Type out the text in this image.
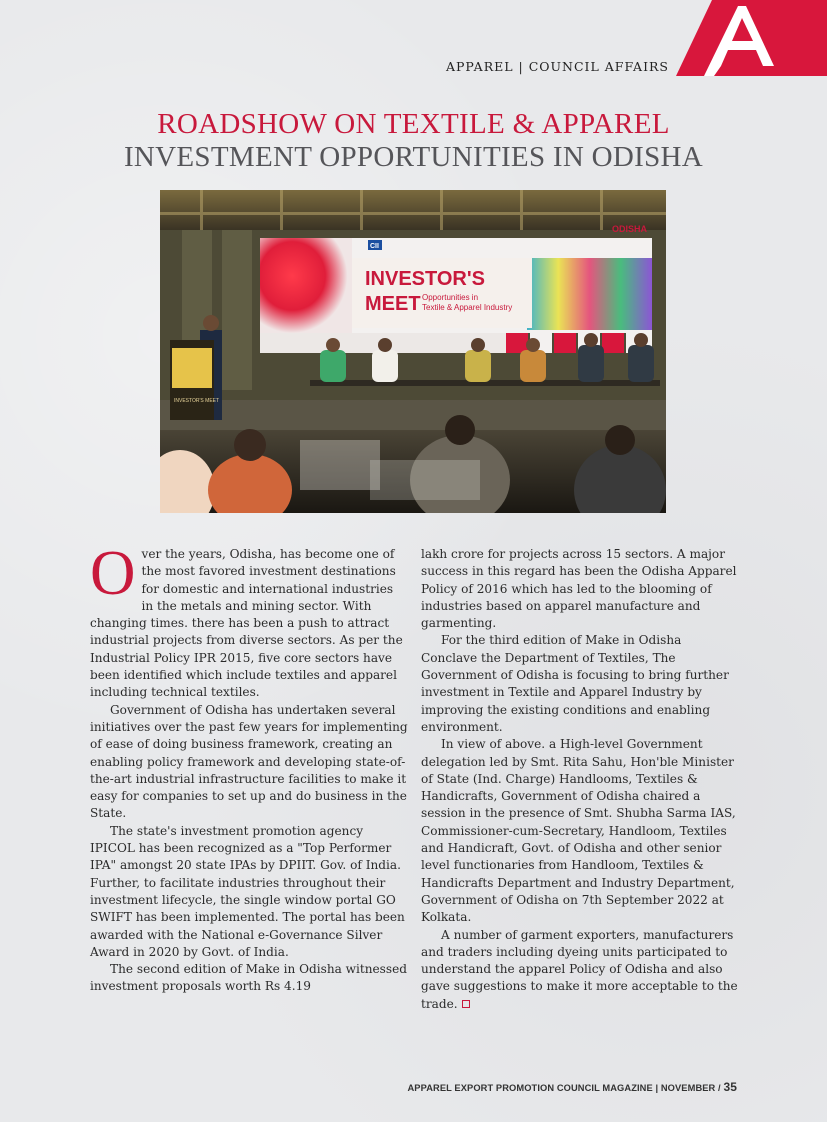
APPAREL | COUNCIL AFFAIRS
ROADSHOW ON TEXTILE & APPAREL
INVESTMENT OPPORTUNITIES IN ODISHA
INVESTOR'S
MEET Opportunities in
Textile & Apparel Industry
CII
ODISHA
INVESTOR'S MEET

Over the years, Odisha, has become one of the most favored investment destinations for domestic and international industries in the metals and mining sector. With changing times. there has been a push to attract industrial projects from diverse sectors. As per the Industrial Policy IPR 2015, five core sectors have been identified which include textiles and apparel including technical textiles.

Government of Odisha has undertaken several initiatives over the past few years for implementing of ease of doing business framework, creating an enabling policy framework and developing state-of-the-art industrial infrastructure facilities to make it easy for companies to set up and do business in the State.

The state's investment promotion agency IPICOL has been recognized as a "Top Performer IPA" amongst 20 state IPAs by DPIIT. Gov. of India. Further, to facilitate industries throughout their investment lifecycle, the single window portal GO SWIFT has been implemented. The portal has been awarded with the National e-Governance Silver Award in 2020 by Govt. of India.

The second edition of Make in Odisha witnessed investment proposals worth Rs 4.19

lakh crore for projects across 15 sectors. A major success in this regard has been the Odisha Apparel Policy of 2016 which has led to the blooming of industries based on apparel manufacture and garmenting.

For the third edition of Make in Odisha Conclave the Department of Textiles, The Government of Odisha is focusing to bring further investment in Textile and Apparel Industry by improving the existing conditions and enabling environment.

In view of above. a High-level Government delegation led by Smt. Rita Sahu, Hon'ble Minister of State (Ind. Charge) Handlooms, Textiles & Handicrafts, Government of Odisha chaired a session in the presence of Smt. Shubha Sarma IAS, Commissioner-cum-Secretary, Handloom, Textiles and Handicraft, Govt. of Odisha and other senior level functionaries from Handloom, Textiles & Handicrafts Department and Industry Department, Government of Odisha on 7th September 2022 at Kolkata.

A number of garment exporters, manufacturers and traders including dyeing units participated to understand the apparel Policy of Odisha and also gave suggestions to make it more acceptable to the trade.

APPAREL EXPORT PROMOTION COUNCIL MAGAZINE | NOVEMBER / 35
